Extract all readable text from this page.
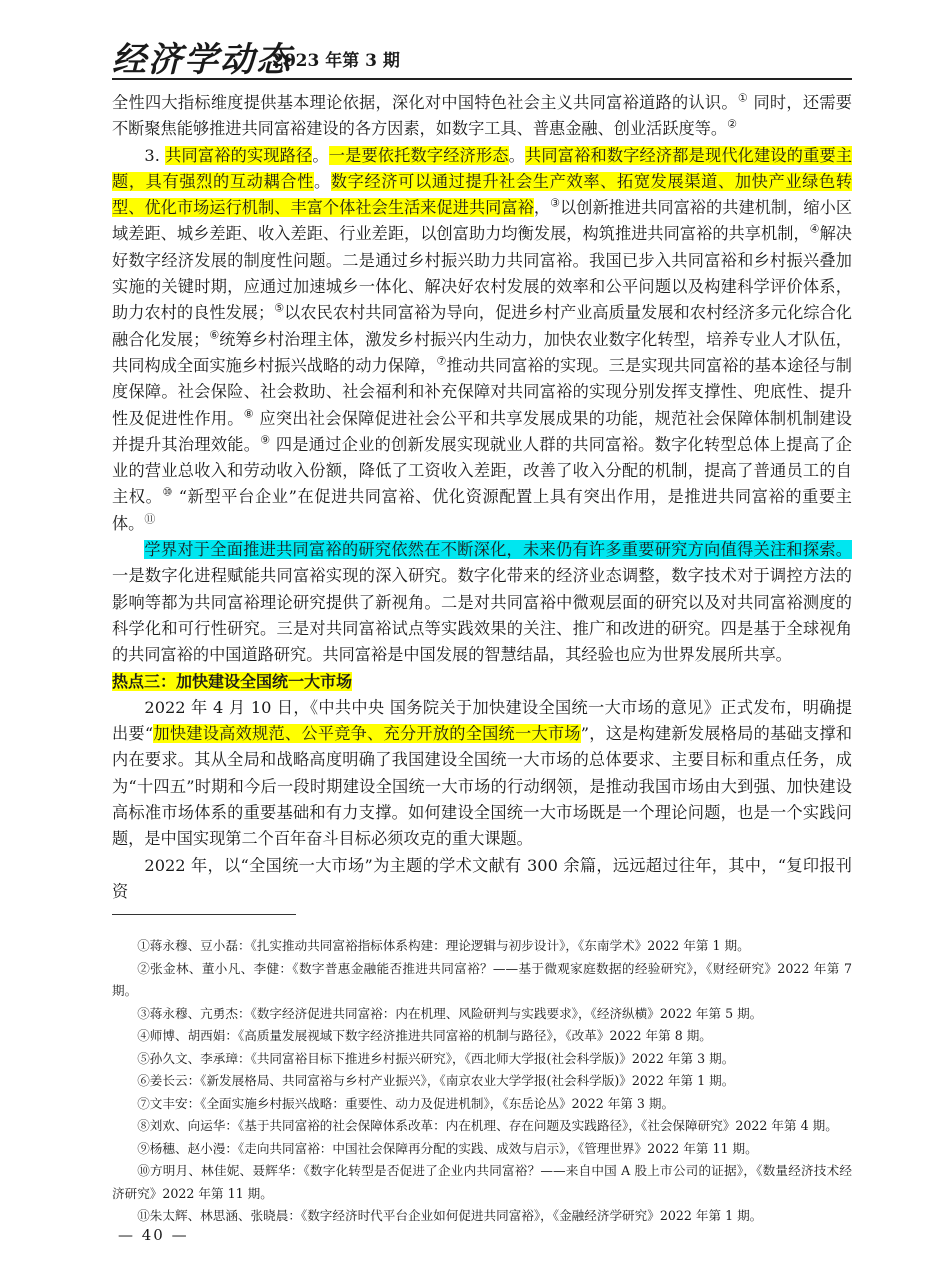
经济学动态
2023 年第 3 期

全性四大指标维度提供基本理论依据，深化对中国特色社会主义共同富裕道路的认识。① 同时，还需要不断聚焦能够推进共同富裕建设的各方因素，如数字工具、普惠金融、创业活跃度等。②

3. 共同富裕的实现路径。一是要依托数字经济形态。共同富裕和数字经济都是现代化建设的重要主题，具有强烈的互动耦合性。数字经济可以通过提升社会生产效率、拓宽发展渠道、加快产业绿色转型、优化市场运行机制、丰富个体社会生活来促进共同富裕，③以创新推进共同富裕的共建机制，缩小区域差距、城乡差距、收入差距、行业差距，以创富助力均衡发展，构筑推进共同富裕的共享机制，④解决好数字经济发展的制度性问题。二是通过乡村振兴助力共同富裕。我国已步入共同富裕和乡村振兴叠加实施的关键时期，应通过加速城乡一体化、解决好农村发展的效率和公平问题以及构建科学评价体系，助力农村的良性发展；⑤以农民农村共同富裕为导向，促进乡村产业高质量发展和农村经济多元化综合化融合化发展；⑥统筹乡村治理主体，激发乡村振兴内生动力，加快农业数字化转型，培养专业人才队伍，共同构成全面实施乡村振兴战略的动力保障，⑦推动共同富裕的实现。三是实现共同富裕的基本途径与制度保障。社会保险、社会救助、社会福利和补充保障对共同富裕的实现分别发挥支撑性、兜底性、提升性及促进性作用。⑧ 应突出社会保障促进社会公平和共享发展成果的功能，规范社会保障体制机制建设并提升其治理效能。⑨ 四是通过企业的创新发展实现就业人群的共同富裕。数字化转型总体上提高了企业的营业总收入和劳动收入份额，降低了工资收入差距，改善了收入分配的机制，提高了普通员工的自主权。⑩ “新型平台企业”在促进共同富裕、优化资源配置上具有突出作用，是推进共同富裕的重要主体。⑪

学界对于全面推进共同富裕的研究依然在不断深化，未来仍有许多重要研究方向值得关注和探索。一是数字化进程赋能共同富裕实现的深入研究。数字化带来的经济业态调整，数字技术对于调控方法的影响等都为共同富裕理论研究提供了新视角。二是对共同富裕中微观层面的研究以及对共同富裕测度的科学化和可行性研究。三是对共同富裕试点等实践效果的关注、推广和改进的研究。四是基于全球视角的共同富裕的中国道路研究。共同富裕是中国发展的智慧结晶，其经验也应为世界发展所共享。

热点三：加快建设全国统一大市场

2022 年 4 月 10 日，《中共中央 国务院关于加快建设全国统一大市场的意见》正式发布，明确提出要“加快建设高效规范、公平竞争、充分开放的全国统一大市场”，这是构建新发展格局的基础支撑和内在要求。其从全局和战略高度明确了我国建设全国统一大市场的总体要求、主要目标和重点任务，成为“十四五”时期和今后一段时期建设全国统一大市场的行动纲领，是推动我国市场由大到强、加快建设高标准市场体系的重要基础和有力支撑。如何建设全国统一大市场既是一个理论问题，也是一个实践问题，是中国实现第二个百年奋斗目标必须攻克的重大课题。

2022 年，以“全国统一大市场”为主题的学术文献有 300 余篇，远远超过往年，其中，“复印报刊资

①蒋永穆、豆小磊：《扎实推动共同富裕指标体系构建：理论逻辑与初步设计》，《东南学术》2022 年第 1 期。

②张金林、董小凡、李健：《数字普惠金融能否推进共同富裕？——基于微观家庭数据的经验研究》，《财经研究》2022 年第 7 期。

③蒋永穆、亢勇杰：《数字经济促进共同富裕：内在机理、风险研判与实践要求》，《经济纵横》2022 年第 5 期。

④师博、胡西娟：《高质量发展视域下数字经济推进共同富裕的机制与路径》，《改革》2022 年第 8 期。

⑤孙久文、李承璋：《共同富裕目标下推进乡村振兴研究》，《西北师大学报(社会科学版)》2022 年第 3 期。

⑥姜长云：《新发展格局、共同富裕与乡村产业振兴》，《南京农业大学学报(社会科学版)》2022 年第 1 期。

⑦文丰安：《全面实施乡村振兴战略：重要性、动力及促进机制》，《东岳论丛》2022 年第 3 期。

⑧刘欢、向运华：《基于共同富裕的社会保障体系改革：内在机理、存在问题及实践路径》，《社会保障研究》2022 年第 4 期。

⑨杨穗、赵小漫：《走向共同富裕：中国社会保障再分配的实践、成效与启示》，《管理世界》2022 年第 11 期。

⑩方明月、林佳妮、聂辉华：《数字化转型是否促进了企业内共同富裕？——来自中国 A 股上市公司的证据》，《数量经济技术经济研究》2022 年第 11 期。

⑪朱太辉、林思涵、张晓晨：《数字经济时代平台企业如何促进共同富裕》，《金融经济学研究》2022 年第 1 期。

— 40 —
